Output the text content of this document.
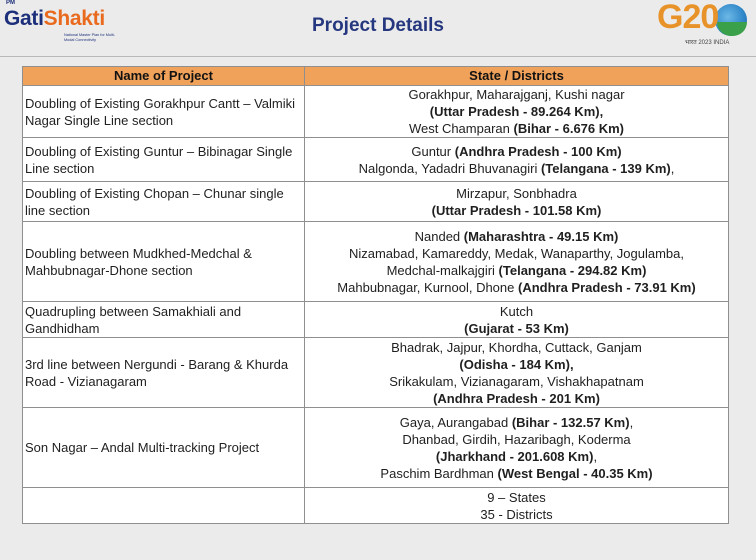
PM
GatiShakti
National Master Plan for Multi-Modal Connectivity
Project Details	G20
भारत 2023 INDIA
Name of Project	State / Districts
Doubling of Existing Gorakhpur Cantt – Valmiki Nagar Single Line section	Gorakhpur, Maharajganj, Kushi nagar
(Uttar Pradesh - 89.264 Km),
West Champaran (Bihar - 6.676 Km)

Doubling of Existing Guntur – Bibinagar Single Line section	Guntur (Andhra Pradesh - 100 Km)
Nalgonda, Yadadri Bhuvanagiri (Telangana - 139 Km),

Doubling of Existing Chopan – Chunar single line section	Mirzapur, Sonbhadra
(Uttar Pradesh - 101.58 Km)

Doubling between Mudkhed-Medchal & Mahbubnagar-Dhone section	Nanded (Maharashtra - 49.15 Km)
Nizamabad, Kamareddy, Medak, Wanaparthy, Jogulamba,
Medchal-malkajgiri (Telangana - 294.82 Km)
Mahbubnagar, Kurnool, Dhone (Andhra Pradesh - 73.91 Km)

Quadrupling between Samakhiali and Gandhidham	Kutch
(Gujarat - 53 Km)

3rd line between Nergundi - Barang & Khurda Road - Vizianagaram	Bhadrak, Jajpur, Khordha, Cuttack, Ganjam
(Odisha - 184 Km),
Srikakulam, Vizianagaram, Vishakhapatnam
(Andhra Pradesh - 201 Km)

Son Nagar – Andal Multi-tracking Project	Gaya, Aurangabad (Bihar - 132.57 Km),
Dhanbad, Girdih, Hazaribagh, Koderma
(Jharkhand - 201.608 Km),
Paschim Bardhman (West Bengal - 40.35 Km)

	9 – States
35 - Districts
